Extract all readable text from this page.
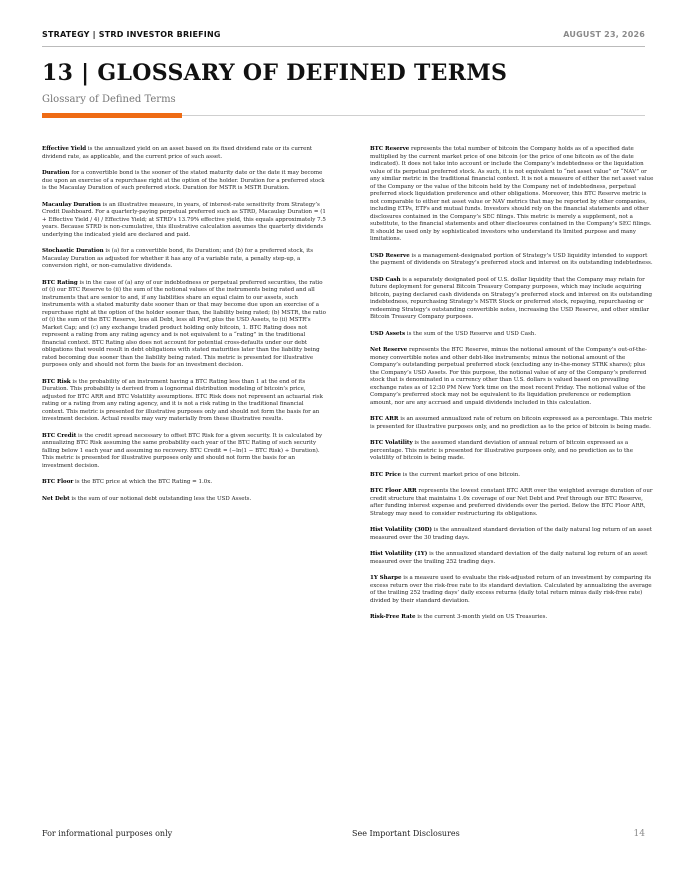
STRATEGY | STRD INVESTOR BRIEFING	AUGUST 23, 2026
13 | GLOSSARY OF DEFINED TERMS
Glossary of Defined Terms

Effective Yield is the annualized yield on an asset based on its fixed dividend rate or its current dividend rate, as applicable, and the current price of such asset.

Duration for a convertible bond is the sooner of the stated maturity date or the date it may become due upon an exercise of a repurchase right at the option of the holder. Duration for a preferred stock is the Macaulay Duration of such preferred stock. Duration for MSTR is MSTR Duration.

Macaulay Duration is an illustrative measure, in years, of interest-rate sensitivity from Strategy’s Credit Dashboard. For a quarterly-paying perpetual preferred such as STRD, Macaulay Duration = (1 + Effective Yield / 4) / Effective Yield; at STRD’s 13.79% effective yield, this equals approximately 7.5 years. Because STRD is non-cumulative, this illustrative calculation assumes the quarterly dividends underlying the indicated yield are declared and paid.

Stochastic Duration is (a) for a convertible bond, its Duration; and (b) for a preferred stock, its Macaulay Duration as adjusted for whether it has any of a variable rate, a penalty step-up, a conversion right, or non-cumulative dividends.

BTC Rating is in the case of (a) any of our indebtedness or perpetual preferred securities, the ratio of (i) our BTC Reserve to (ii) the sum of the notional values of the instruments being rated and all instruments that are senior to and, if any liabilities share an equal claim to our assets, such instruments with a stated maturity date sooner than or that may become due upon an exercise of a repurchase right at the option of the holder sooner than, the liability being rated; (b) MSTR, the ratio of (i) the sum of the BTC Reserve, less all Debt, less all Pref, plus the USD Assets, to (ii) MSTR’s Market Cap; and (c) any exchange traded product holding only bitcoin, 1. BTC Rating does not represent a rating from any rating agency and is not equivalent to a “rating” in the traditional financial context. BTC Rating also does not account for potential cross-defaults under our debt obligations that would result in debt obligations with stated maturities later than the liability being rated becoming due sooner than the liability being rated. This metric is presented for illustrative purposes only and should not form the basis for an investment decision.

BTC Risk is the probability of an instrument having a BTC Rating less than 1 at the end of its Duration. This probability is derived from a lognormal distribution modeling of bitcoin’s price, adjusted for BTC ARR and BTC Volatility assumptions. BTC Risk does not represent an actuarial risk rating or a rating from any rating agency, and it is not a risk rating in the traditional financial context. This metric is presented for illustrative purposes only and should not form the basis for an investment decision. Actual results may vary materially from these illustrative results.

BTC Credit is the credit spread necessary to offset BTC Risk for a given security. It is calculated by annualizing BTC Risk assuming the same probability each year of the BTC Rating of such security falling below 1 each year and assuming no recovery. BTC Credit = (−ln(1 − BTC Risk) ÷ Duration). This metric is presented for illustrative purposes only and should not form the basis for an investment decision.

BTC Floor is the BTC price at which the BTC Rating = 1.0x.

Net Debt is the sum of our notional debt outstanding less the USD Assets.

BTC Reserve represents the total number of bitcoin the Company holds as of a specified date multiplied by the current market price of one bitcoin (or the price of one bitcoin as of the date indicated). It does not take into account or include the Company’s indebtedness or the liquidation value of its perpetual preferred stock. As such, it is not equivalent to “net asset value” or “NAV” or any similar metric in the traditional financial context. It is not a measure of either the net asset value of the Company or the value of the bitcoin held by the Company net of indebtedness, perpetual preferred stock liquidation preference and other obligations. Moreover, this BTC Reserve metric is not comparable to either net asset value or NAV metrics that may be reported by other companies, including ETPs, ETFs and mutual funds. Investors should rely on the financial statements and other disclosures contained in the Company’s SEC filings. This metric is merely a supplement, not a substitute, to the financial statements and other disclosures contained in the Company’s SEC filings. It should be used only by sophisticated investors who understand its limited purpose and many limitations.

USD Reserve is a management-designated portion of Strategy’s USD liquidity intended to support the payment of dividends on Strategy’s preferred stock and interest on its outstanding indebtedness.

USD Cash is a separately designated pool of U.S. dollar liquidity that the Company may retain for future deployment for general Bitcoin Treasury Company purposes, which may include acquiring bitcoin, paying declared cash dividends on Strategy’s preferred stock and interest on its outstanding indebtedness, repurchasing Strategy’s MSTR Stock or preferred stock, repaying, repurchasing or redeeming Strategy’s outstanding convertible notes, increasing the USD Reserve, and other similar Bitcoin Treasury Company purposes.

USD Assets is the sum of the USD Reserve and USD Cash.

Net Reserve represents the BTC Reserve, minus the notional amount of the Company’s out-of-the-money convertible notes and other debt-like instruments; minus the notional amount of the Company’s outstanding perpetual preferred stock (excluding any in-the-money STRK shares); plus the Company’s USD Assets. For this purpose, the notional value of any of the Company’s preferred stock that is denominated in a currency other than U.S. dollars is valued based on prevailing exchange rates as of 12:30 PM New York time on the most recent Friday. The notional value of the Company’s preferred stock may not be equivalent to its liquidation preference or redemption amount, nor are any accrued and unpaid dividends included in this calculation.

BTC ARR is an assumed annualized rate of return on bitcoin expressed as a percentage. This metric is presented for illustrative purposes only, and no prediction as to the price of bitcoin is being made.

BTC Volatility is the assumed standard deviation of annual return of bitcoin expressed as a percentage. This metric is presented for illustrative purposes only, and no prediction as to the volatility of bitcoin is being made.

BTC Price is the current market price of one bitcoin.

BTC Floor ARR represents the lowest constant BTC ARR over the weighted average duration of our credit structure that maintains 1.0x coverage of our Net Debt and Pref through our BTC Reserve, after funding interest expense and preferred dividends over the period. Below the BTC Floor ARR, Strategy may need to consider restructuring its obligations.

Hist Volatility (30D) is the annualized standard deviation of the daily natural log return of an asset measured over the 30 trading days.

Hist Volatility (1Y) is the annualized standard deviation of the daily natural log return of an asset measured over the trailing 252 trading days.

1Y Sharpe is a measure used to evaluate the risk-adjusted return of an investment by comparing its excess return over the risk-free rate to its standard deviation. Calculated by annualizing the average of the trailing 252 trading days’ daily excess returns (daily total return minus daily risk-free rate) divided by their standard deviation.

Risk-Free Rate is the current 3-month yield on US Treasuries.

For informational purposes only	See Important Disclosures	14
